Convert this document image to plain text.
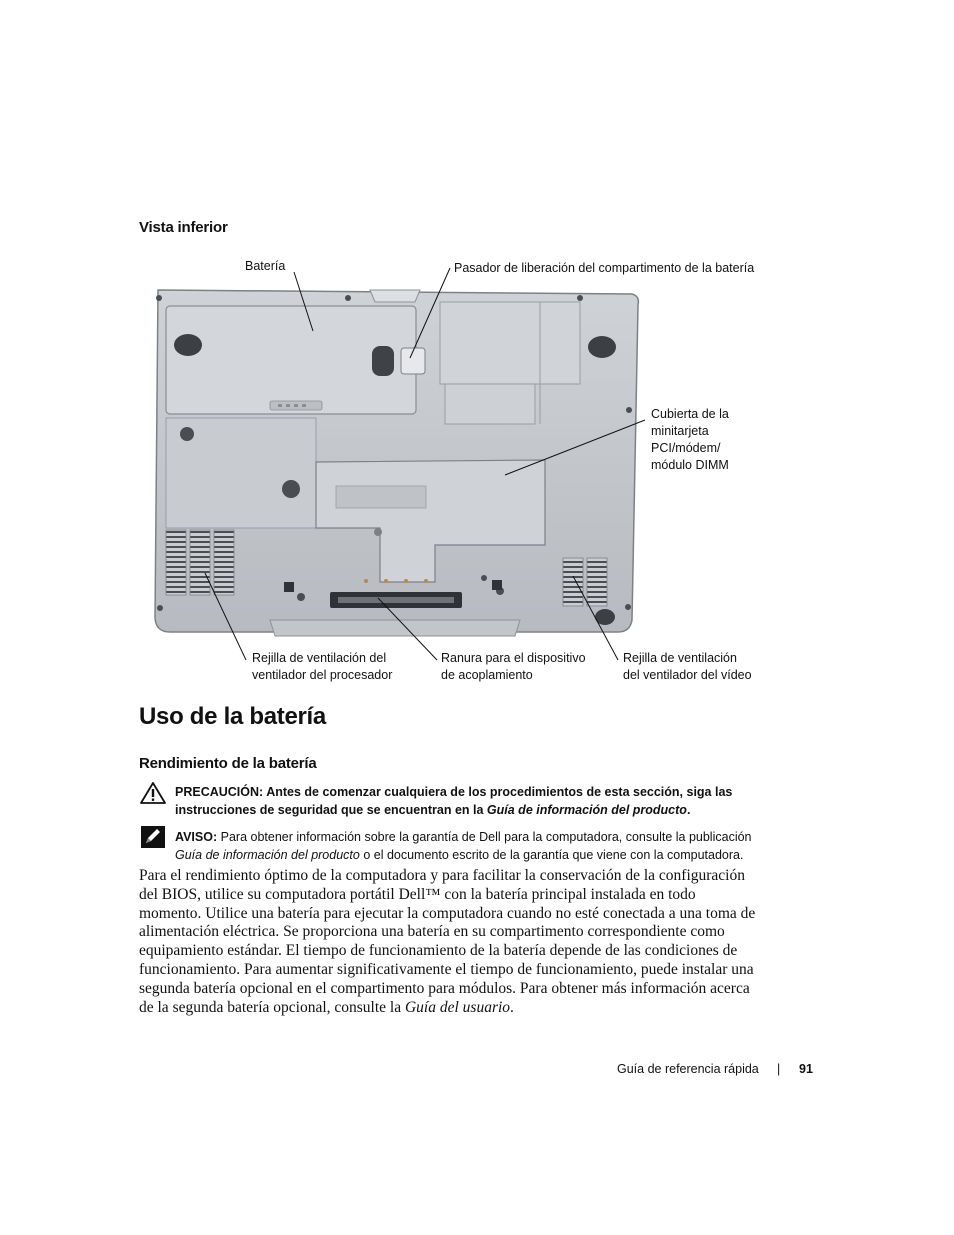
Vista inferior
Batería	Pasador de liberación del compartimento de la batería
Cubierta de la
minitarjeta
PCI/módem/
módulo DIMM
Rejilla de ventilación del
ventilador del procesador
Ranura para el dispositivo
de acoplamiento
Rejilla de ventilación
del ventilador del vídeo
Uso de la batería
Rendimiento de la batería
PRECAUCIÓN: Antes de comenzar cualquiera de los procedimientos de esta sección, siga las instrucciones de seguridad que se encuentran en la Guía de información del producto.
AVISO: Para obtener información sobre la garantía de Dell para la computadora, consulte la publicación Guía de información del producto o el documento escrito de la garantía que viene con la computadora.
Para el rendimiento óptimo de la computadora y para facilitar la conservación de la configuración del BIOS, utilice su computadora portátil Dell™ con la batería principal instalada en todo momento. Utilice una batería para ejecutar la computadora cuando no esté conectada a una toma de alimentación eléctrica. Se proporciona una batería en su compartimento correspondiente como equipamiento estándar. El tiempo de funcionamiento de la batería depende de las condiciones de funcionamiento. Para aumentar significativamente el tiempo de funcionamiento, puede instalar una segunda batería opcional en el compartimento para módulos. Para obtener más información acerca de la segunda batería opcional, consulte la Guía del usuario.
Guía de referencia rápida | 91
